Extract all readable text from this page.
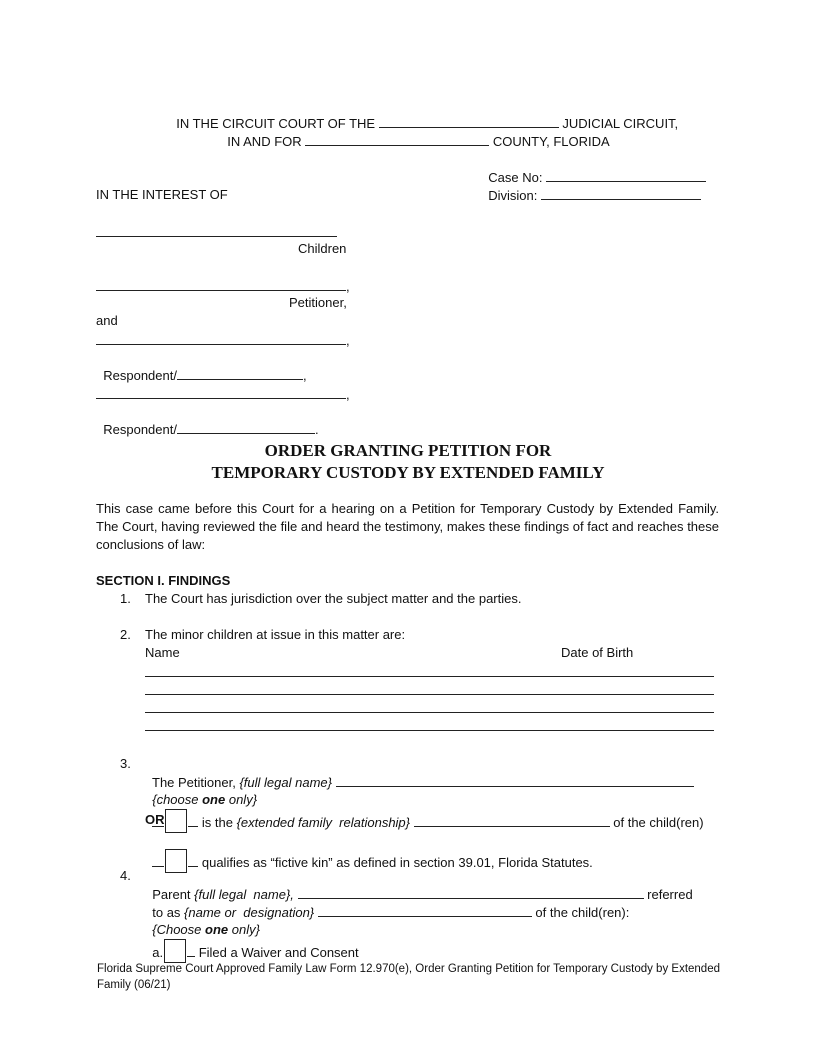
IN THE CIRCUIT COURT OF THE	JUDICIAL CIRCUIT,

IN AND FOR	COUNTY, FLORIDA

Case No:

Division:

IN THE INTEREST OF
Children
,
Petitioner,
and
,

Respondent/	,

,

Respondent/	.

ORDER GRANTING PETITION FOR
TEMPORARY CUSTODY BY EXTENDED FAMILY
This case came before this Court for a hearing on a Petition for Temporary Custody by Extended Family. The Court, having reviewed the file and heard the testimony, makes these findings of fact and reaches these conclusions of law:
SECTION I. FINDINGS
1. The Court has jurisdiction over the subject matter and the parties.
2. The minor children at issue in this matter are:
Name	Date of Birth
3.

The Petitioner, {full legal name}

{choose one only}

is the {extended family  relationship}	of the child(ren)

OR

qualifies as “fictive kin” as defined in section 39.01, Florida Statutes.

4.

Parent {full legal  name},	referred

to as {name or  designation}	of the child(ren):

{Choose one only}

a.	Filed a Waiver and Consent

Florida Supreme Court Approved Family Law Form 12.970(e), Order Granting Petition for Temporary Custody by Extended Family (06/21)
